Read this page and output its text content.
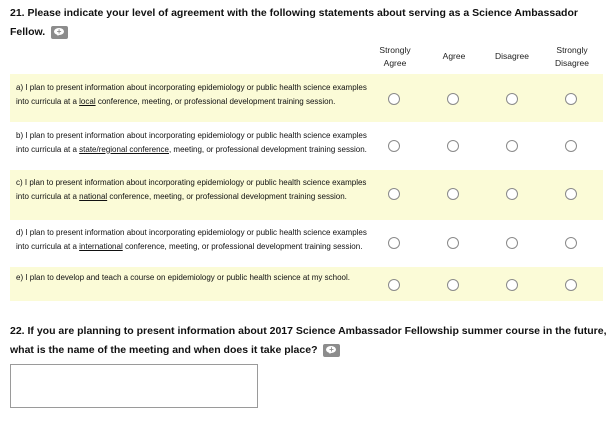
21. Please indicate your level of agreement with the following statements about serving as a Science Ambassador Fellow. +

Strongly Agree
Agree	Disagree
Strongly Disagree
a) I plan to present information about incorporating epidemiology or public health science examples into curricula at a local conference, meeting, or professional development training session.
b) I plan to present information about incorporating epidemiology or public health science examples into curricula at a state/regional conference, meeting, or professional development training session.
c) I plan to present information about incorporating epidemiology or public health science examples into curricula at a national conference, meeting, or professional development training session.
d) I plan to present information about incorporating epidemiology or public health science examples into curricula at a international conference, meeting, or professional development training session.
e) I plan to develop and teach a course on epidemiology or public health science at my school.

22. If you are planning to present information about 2017 Science Ambassador Fellowship summer course in the future, what is the name of the meeting and when does it take place? +
